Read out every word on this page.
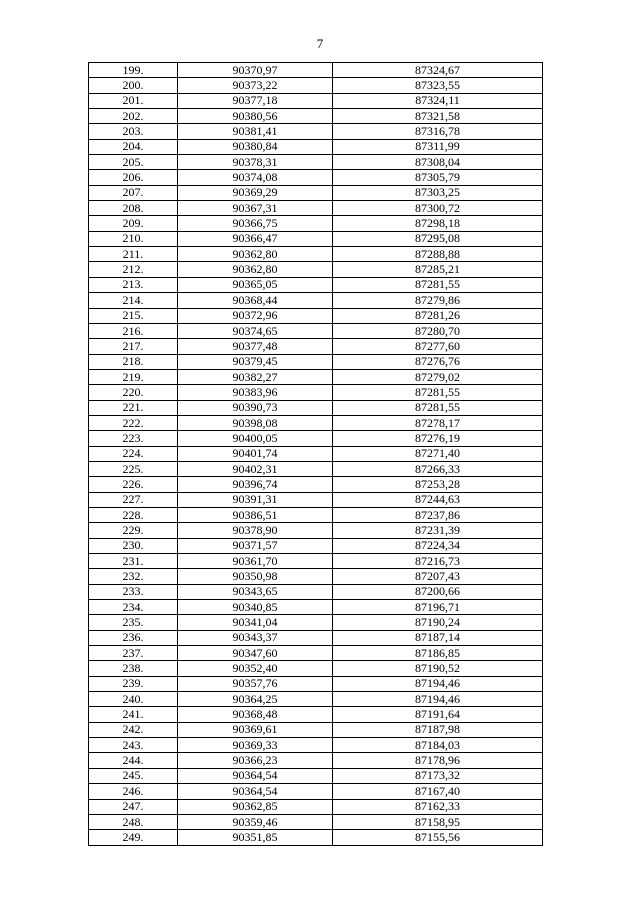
7
199.	90370,97	87324,67
200.	90373,22	87323,55
201.	90377,18	87324,11
202.	90380,56	87321,58
203.	90381,41	87316,78
204.	90380,84	87311,99
205.	90378,31	87308,04
206.	90374,08	87305,79
207.	90369,29	87303,25
208.	90367,31	87300,72
209.	90366,75	87298,18
210.	90366,47	87295,08
211.	90362,80	87288,88
212.	90362,80	87285,21
213.	90365,05	87281,55
214.	90368,44	87279,86
215.	90372,96	87281,26
216.	90374,65	87280,70
217.	90377,48	87277,60
218.	90379,45	87276,76
219.	90382,27	87279,02
220.	90383,96	87281,55
221.	90390,73	87281,55
222.	90398,08	87278,17
223.	90400,05	87276,19
224.	90401,74	87271,40
225.	90402,31	87266,33
226.	90396,74	87253,28
227.	90391,31	87244,63
228.	90386,51	87237,86
229.	90378,90	87231,39
230.	90371,57	87224,34
231.	90361,70	87216,73
232.	90350,98	87207,43
233.	90343,65	87200,66
234.	90340,85	87196,71
235.	90341,04	87190,24
236.	90343,37	87187,14
237.	90347,60	87186,85
238.	90352,40	87190,52
239.	90357,76	87194,46
240.	90364,25	87194,46
241.	90368,48	87191,64
242.	90369,61	87187,98
243.	90369,33	87184,03
244.	90366,23	87178,96
245.	90364,54	87173,32
246.	90364,54	87167,40
247.	90362,85	87162,33
248.	90359,46	87158,95
249.	90351,85	87155,56
